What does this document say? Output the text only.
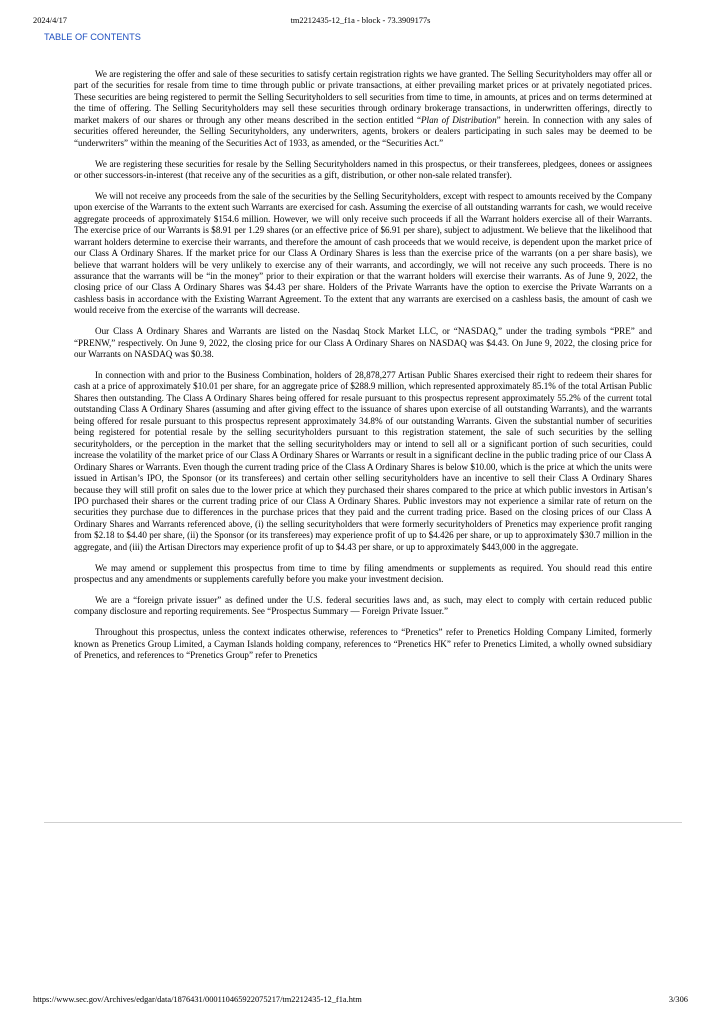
2024/4/17	tm2212435-12_f1a - block - 73.3909177s
TABLE OF CONTENTS

We are registering the offer and sale of these securities to satisfy certain registration rights we have granted. The Selling Securityholders may offer all or part of the securities for resale from time to time through public or private transactions, at either prevailing market prices or at privately negotiated prices. These securities are being registered to permit the Selling Securityholders to sell securities from time to time, in amounts, at prices and on terms determined at the time of offering. The Selling Securityholders may sell these securities through ordinary brokerage transactions, in underwritten offerings, directly to market makers of our shares or through any other means described in the section entitled “Plan of Distribution” herein. In connection with any sales of securities offered hereunder, the Selling Securityholders, any underwriters, agents, brokers or dealers participating in such sales may be deemed to be “underwriters” within the meaning of the Securities Act of 1933, as amended, or the “Securities Act.”

We are registering these securities for resale by the Selling Securityholders named in this prospectus, or their transferees, pledgees, donees or assignees or other successors-in-interest (that receive any of the securities as a gift, distribution, or other non-sale related transfer).

We will not receive any proceeds from the sale of the securities by the Selling Securityholders, except with respect to amounts received by the Company upon exercise of the Warrants to the extent such Warrants are exercised for cash. Assuming the exercise of all outstanding warrants for cash, we would receive aggregate proceeds of approximately $154.6 million. However, we will only receive such proceeds if all the Warrant holders exercise all of their Warrants. The exercise price of our Warrants is $8.91 per 1.29 shares (or an effective price of $6.91 per share), subject to adjustment. We believe that the likelihood that warrant holders determine to exercise their warrants, and therefore the amount of cash proceeds that we would receive, is dependent upon the market price of our Class A Ordinary Shares. If the market price for our Class A Ordinary Shares is less than the exercise price of the warrants (on a per share basis), we believe that warrant holders will be very unlikely to exercise any of their warrants, and accordingly, we will not receive any such proceeds. There is no assurance that the warrants will be “in the money” prior to their expiration or that the warrant holders will exercise their warrants. As of June 9, 2022, the closing price of our Class A Ordinary Shares was $4.43 per share. Holders of the Private Warrants have the option to exercise the Private Warrants on a cashless basis in accordance with the Existing Warrant Agreement. To the extent that any warrants are exercised on a cashless basis, the amount of cash we would receive from the exercise of the warrants will decrease.

Our Class A Ordinary Shares and Warrants are listed on the Nasdaq Stock Market LLC, or “NASDAQ,” under the trading symbols “PRE” and “PRENW,” respectively. On June 9, 2022, the closing price for our Class A Ordinary Shares on NASDAQ was $4.43. On June 9, 2022, the closing price for our Warrants on NASDAQ was $0.38.

In connection with and prior to the Business Combination, holders of 28,878,277 Artisan Public Shares exercised their right to redeem their shares for cash at a price of approximately $10.01 per share, for an aggregate price of $288.9 million, which represented approximately 85.1% of the total Artisan Public Shares then outstanding. The Class A Ordinary Shares being offered for resale pursuant to this prospectus represent approximately 55.2% of the current total outstanding Class A Ordinary Shares (assuming and after giving effect to the issuance of shares upon exercise of all outstanding Warrants), and the warrants being offered for resale pursuant to this prospectus represent approximately 34.8% of our outstanding Warrants. Given the substantial number of securities being registered for potential resale by the selling securityholders pursuant to this registration statement, the sale of such securities by the selling securityholders, or the perception in the market that the selling securityholders may or intend to sell all or a significant portion of such securities, could increase the volatility of the market price of our Class A Ordinary Shares or Warrants or result in a significant decline in the public trading price of our Class A Ordinary Shares or Warrants. Even though the current trading price of the Class A Ordinary Shares is below $10.00, which is the price at which the units were issued in Artisan’s IPO, the Sponsor (or its transferees) and certain other selling securityholders have an incentive to sell their Class A Ordinary Shares because they will still profit on sales due to the lower price at which they purchased their shares compared to the price at which public investors in Artisan’s IPO purchased their shares or the current trading price of our Class A Ordinary Shares. Public investors may not experience a similar rate of return on the securities they purchase due to differences in the purchase prices that they paid and the current trading price. Based on the closing prices of our Class A Ordinary Shares and Warrants referenced above, (i) the selling securityholders that were formerly securityholders of Prenetics may experience profit ranging from $2.18 to $4.40 per share, (ii) the Sponsor (or its transferees) may experience profit of up to $4.426 per share, or up to approximately $30.7 million in the aggregate, and (iii) the Artisan Directors may experience profit of up to $4.43 per share, or up to approximately $443,000 in the aggregate.

We may amend or supplement this prospectus from time to time by filing amendments or supplements as required. You should read this entire prospectus and any amendments or supplements carefully before you make your investment decision.

We are a “foreign private issuer” as defined under the U.S. federal securities laws and, as such, may elect to comply with certain reduced public company disclosure and reporting requirements. See “Prospectus Summary — Foreign Private Issuer.”

Throughout this prospectus, unless the context indicates otherwise, references to “Prenetics” refer to Prenetics Holding Company Limited, formerly known as Prenetics Group Limited, a Cayman Islands holding company, references to “Prenetics HK” refer to Prenetics Limited, a wholly owned subsidiary of Prenetics, and references to “Prenetics Group” refer to Prenetics

https://www.sec.gov/Archives/edgar/data/1876431/000110465922075217/tm2212435-12_f1a.htm	3/306
